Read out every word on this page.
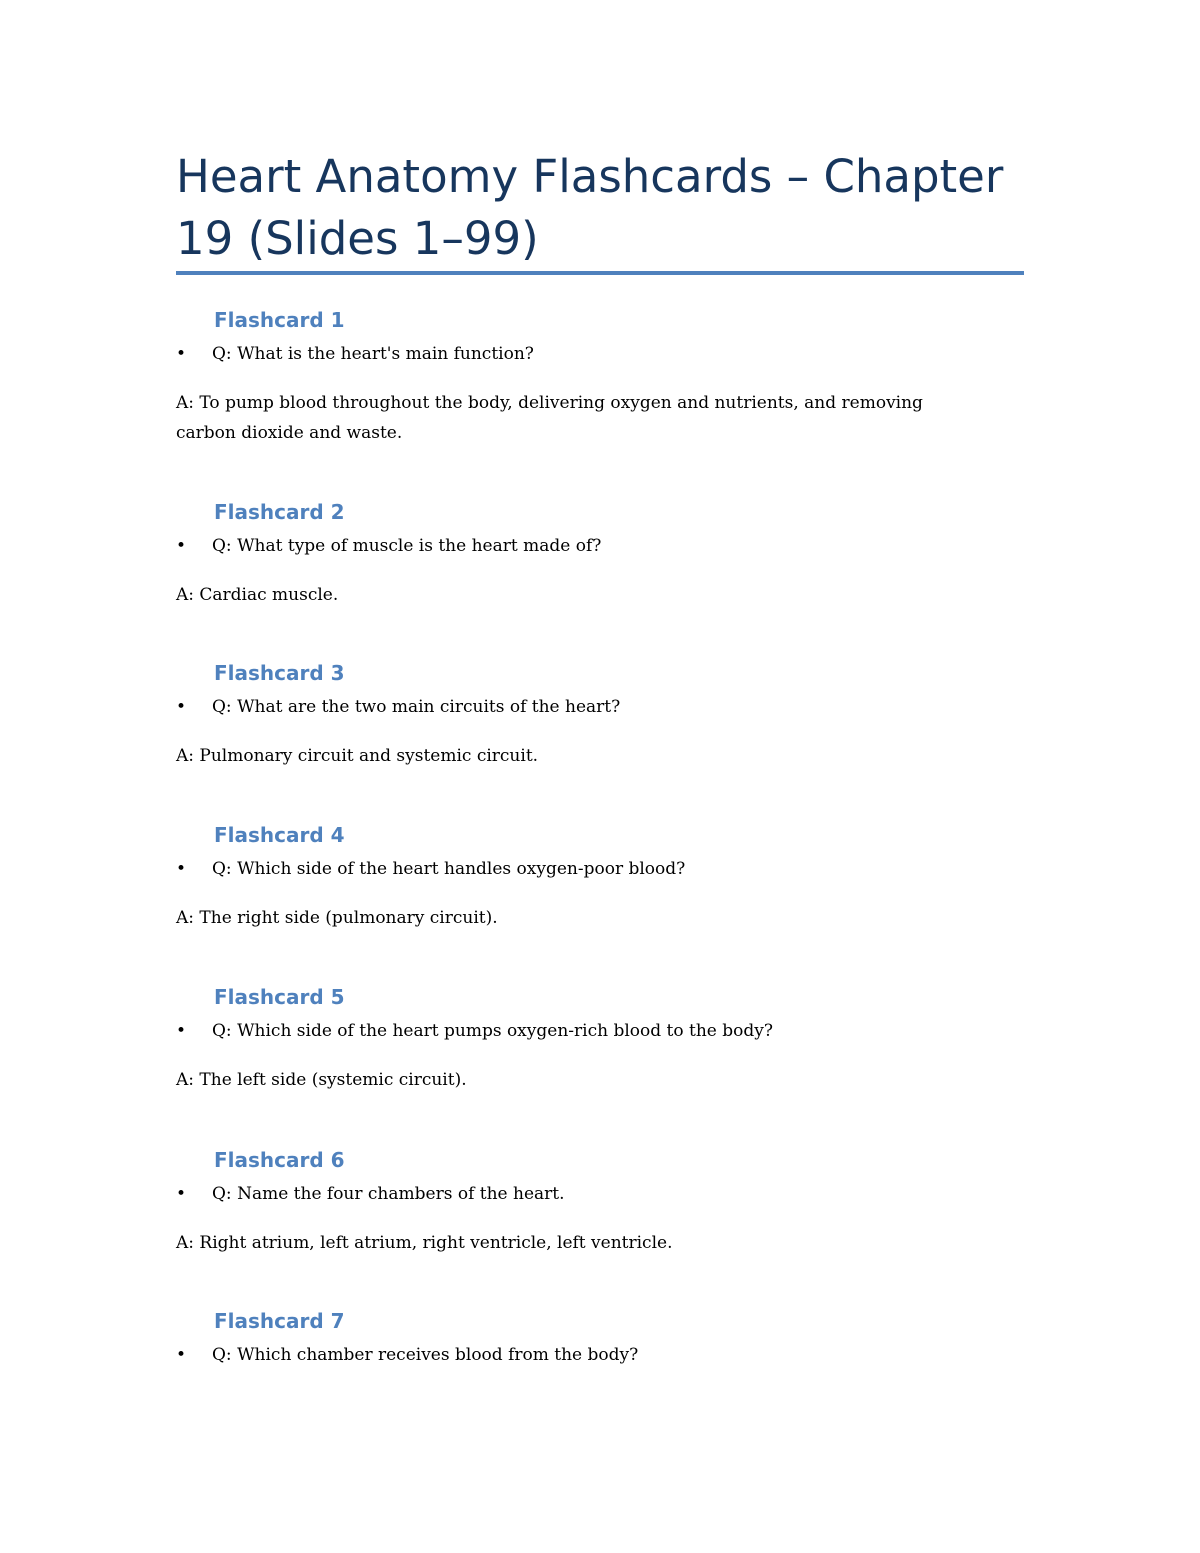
Heart Anatomy Flashcards – Chapter 19 (Slides 1–99)
Flashcard 1
•	Q: What is the heart's main function?

A: To pump blood throughout the body, delivering oxygen and nutrients, and removing carbon dioxide and waste.

Flashcard 2
•	Q: What type of muscle is the heart made of?

A: Cardiac muscle.

Flashcard 3
•	Q: What are the two main circuits of the heart?

A: Pulmonary circuit and systemic circuit.

Flashcard 4
•	Q: Which side of the heart handles oxygen-poor blood?

A: The right side (pulmonary circuit).

Flashcard 5
•	Q: Which side of the heart pumps oxygen-rich blood to the body?

A: The left side (systemic circuit).

Flashcard 6
•	Q: Name the four chambers of the heart.

A: Right atrium, left atrium, right ventricle, left ventricle.

Flashcard 7
•	Q: Which chamber receives blood from the body?
